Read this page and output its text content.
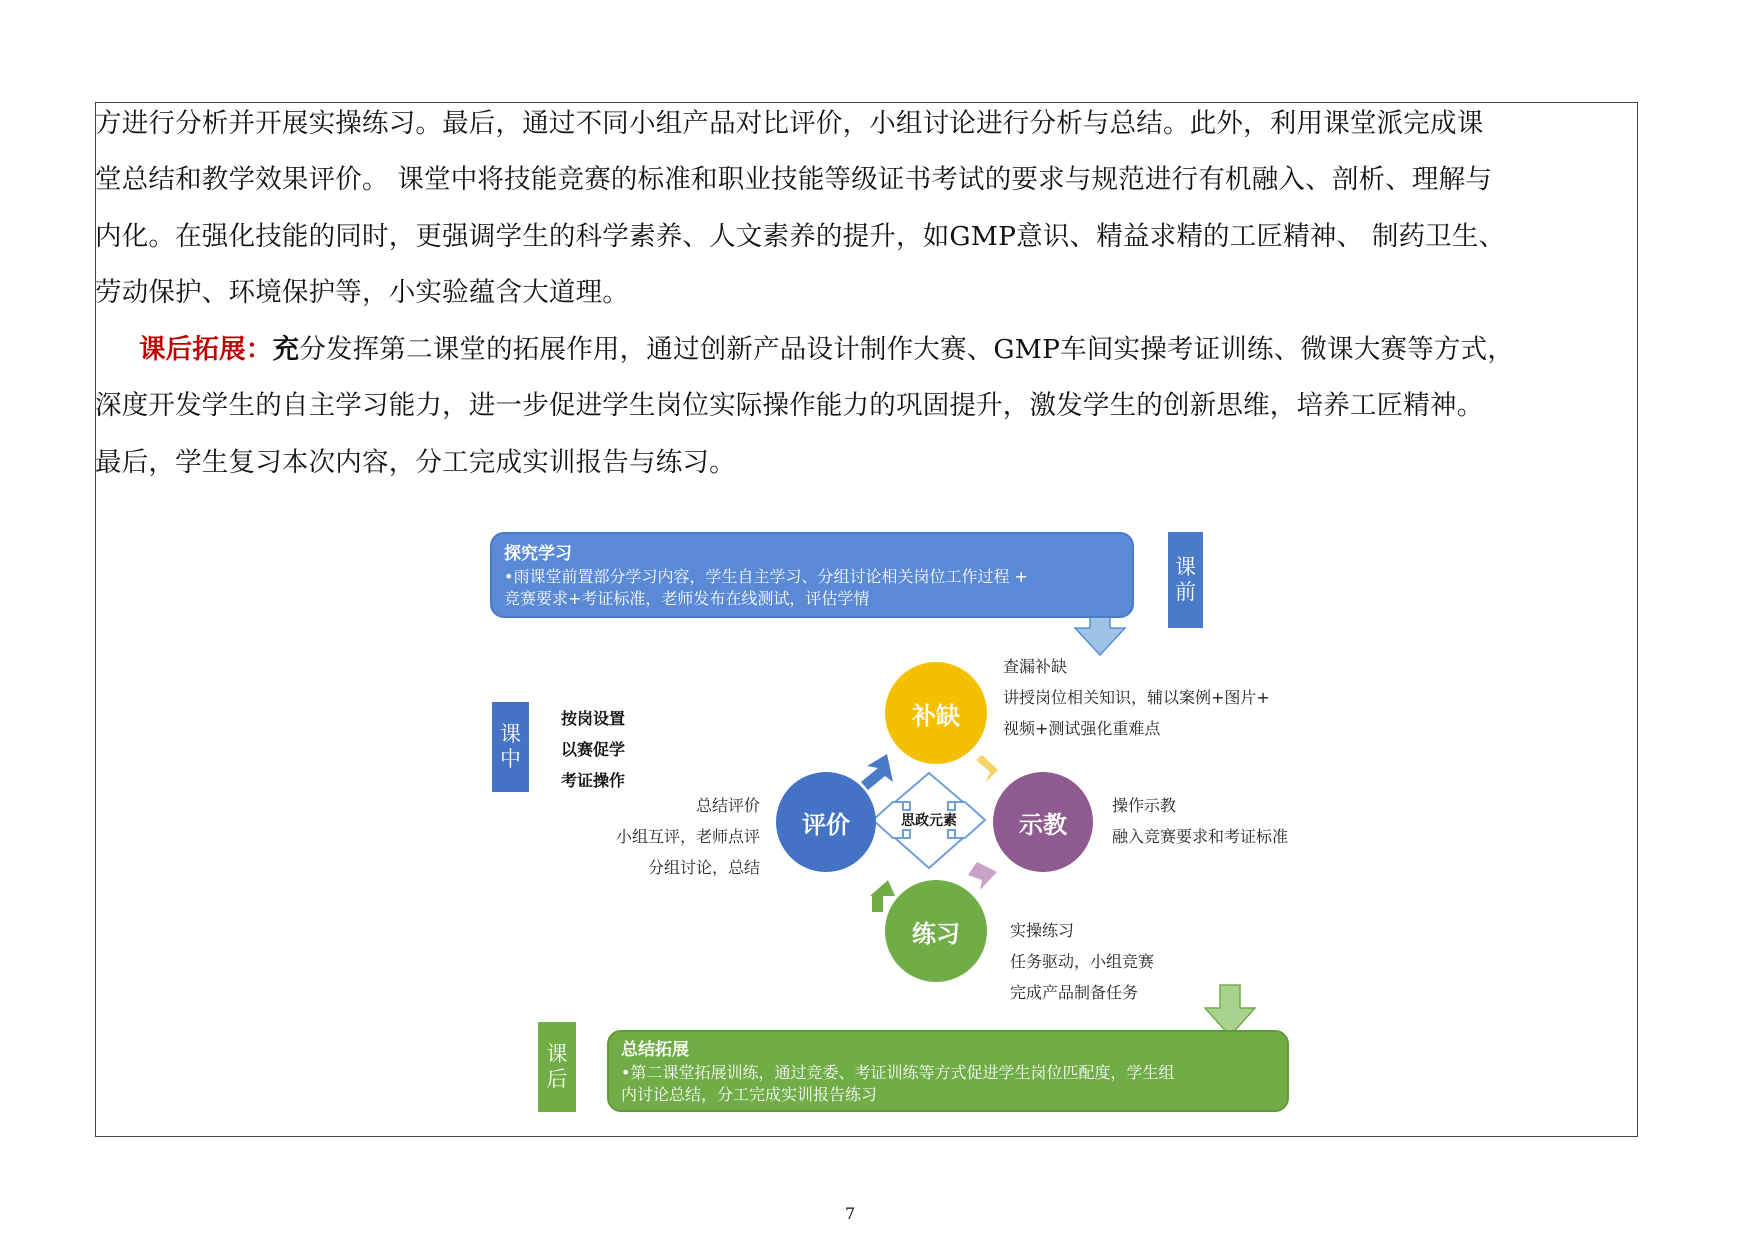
方进行分析并开展实操练习。最后，通过不同小组产品对比评价，小组讨论进行分析与总结。此外，利用课堂派完成课
堂总结和教学效果评价。 课堂中将技能竞赛的标准和职业技能等级证书考试的要求与规范进行有机融入、剖析、理解与
内化。在强化技能的同时，更强调学生的科学素养、人文素养的提升，如GMP意识、精益求精的工匠精神、 制药卫生、
劳动保护、环境保护等，小实验蕴含大道理。
课后拓展：充分发挥第二课堂的拓展作用，通过创新产品设计制作大赛、GMP车间实操考证训练、微课大赛等方式，
深度开发学生的自主学习能力，进一步促进学生岗位实际操作能力的巩固提升，激发学生的创新思维，培养工匠精神。
最后，学生复习本次内容，分工完成实训报告与练习。
探究学习
•雨课堂前置部分学习内容，学生自主学习、分组讨论相关岗位工作过程 +
竞赛要求+考证标准，老师发布在线测试，评估学情
课
前
课
中
按岗设置
以赛促学
考证操作
补缺
示教
练习
评价	思政元素
查漏补缺
讲授岗位相关知识，辅以案例+图片+
视频+测试强化重难点
操作示教
融入竞赛要求和考证标准
总结评价
小组互评，老师点评
分组讨论，总结
实操练习
任务驱动，小组竞赛
完成产品制备任务
课
后
总结拓展
•第二课堂拓展训练，通过竞委、考证训练等方式促进学生岗位匹配度，学生组
内讨论总结，分工完成实训报告练习
7
